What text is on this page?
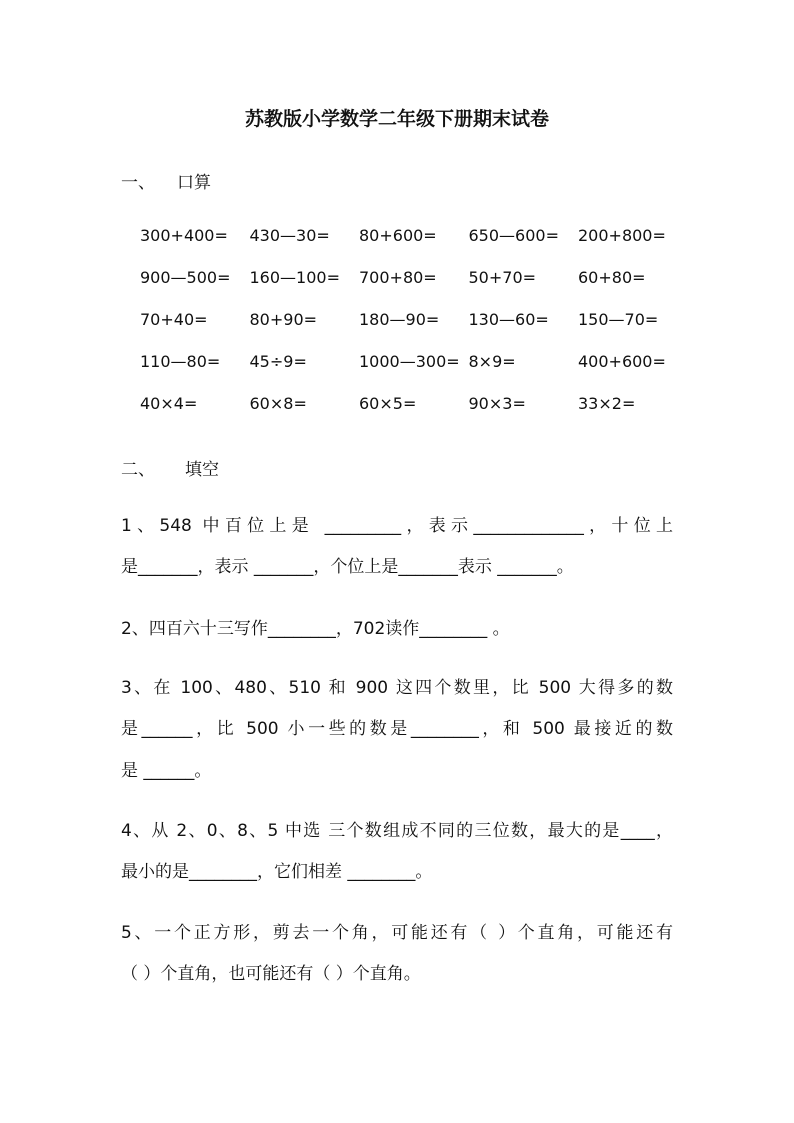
苏教版小学数学二年级下册期末试卷
一、 口算
300+400=	430—30=	80+600=	650—600=	200+800=
900—500=	160—100=	700+80=	50+70=	60+80=
70+40=	80+90=	180—90=	130—60=	150—70=
110—80=	45÷9=	1000—300= 8×9=	400+600=
40×4=	60×8=	60×5=	90×3=	33×2=
二、 填空
1、548 中百位上是 _________，表示_____________，十位上
是_______，表示 _______，个位上是_______表示 _______。
2、四百六十三写作________，702读作________ 。
3、在 100、480、510 和 900 这四个数里，比 500 大得多的数
是______，比 500 小一些的数是________，和 500 最接近的数
是 ______。
4、从 2、0、8、5 中选 三个数组成不同的三位数，最大的是____，
最小的是________，它们相差 ________。
5、一个正方形，剪去一个角，可能还有（ ）个直角，可能还有
（ ）个直角，也可能还有（ ）个直角。
